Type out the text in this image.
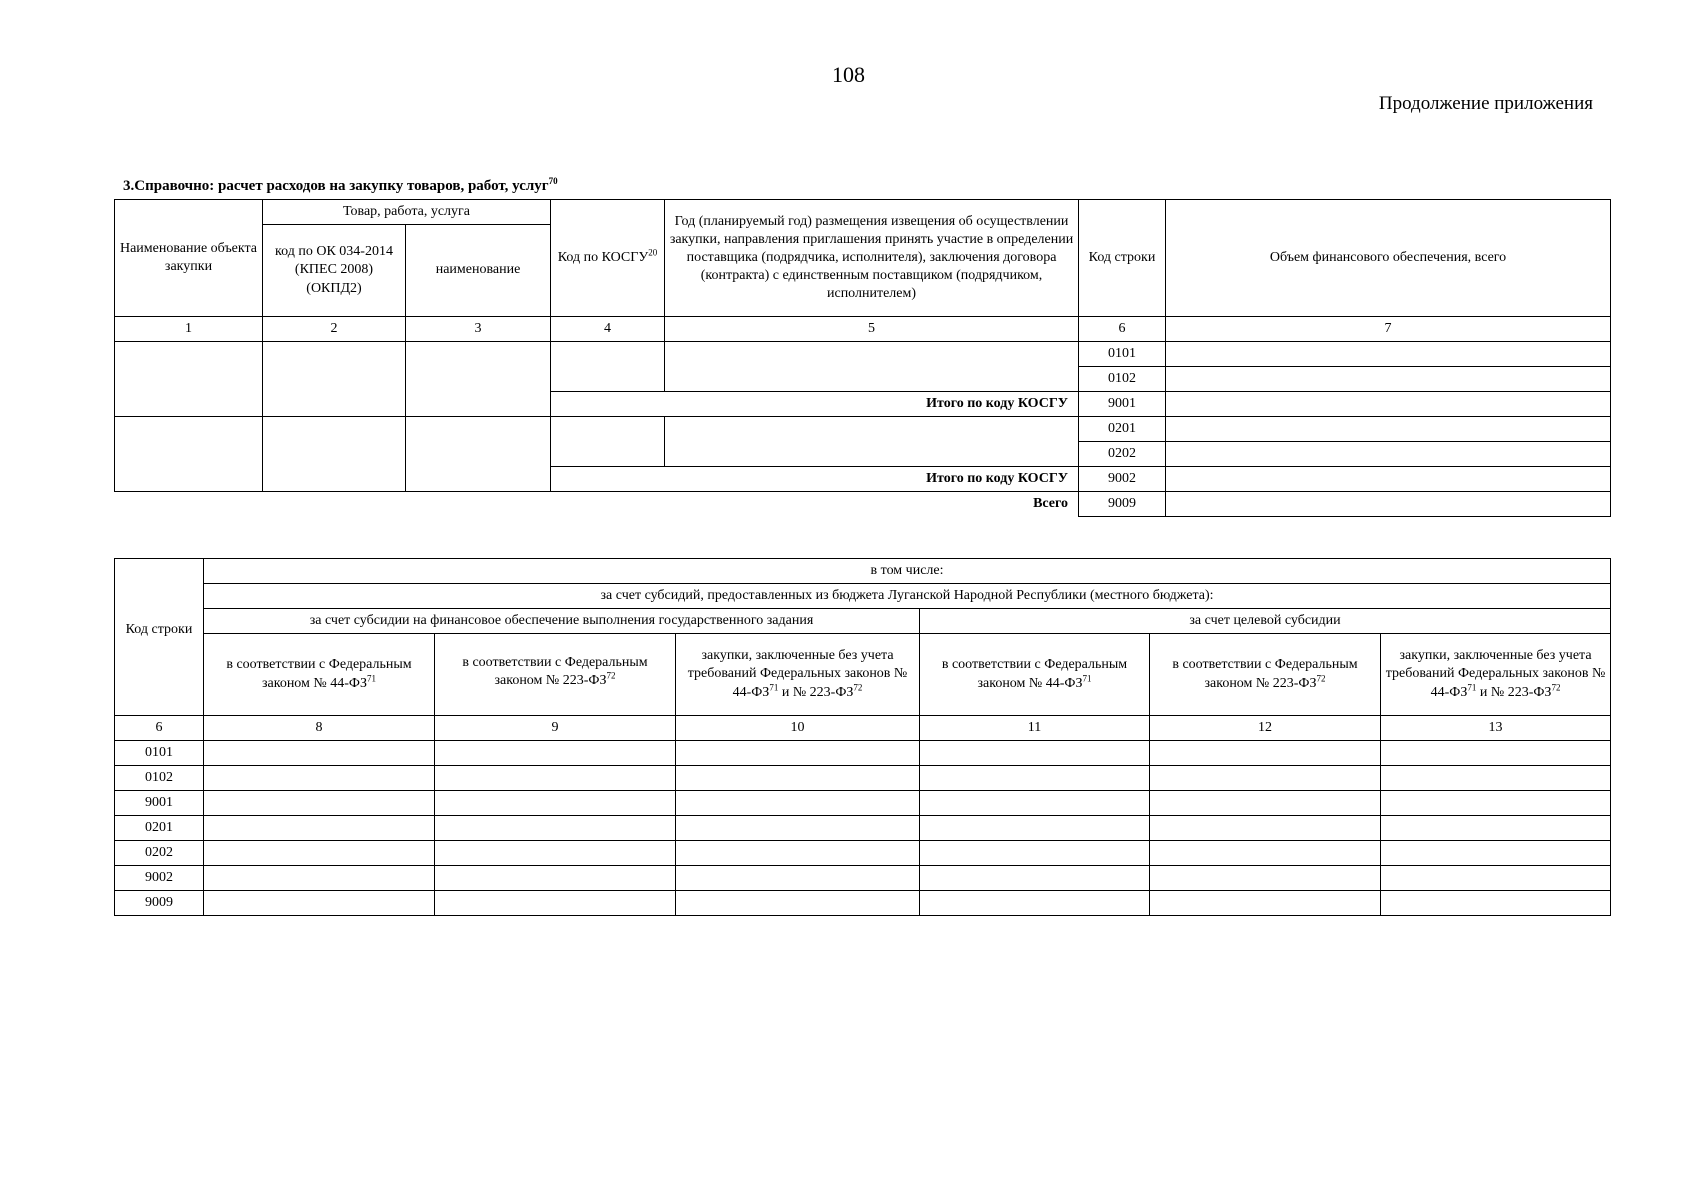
108
Продолжение приложения
3.Справочно: расчет расходов на закупку товаров, работ, услуг$^{70}$
Наименование объекта закупки	Товар, работа, услуга		Код по КОСГУ$^{20}$	Год (планируемый год) размещения извещения об осуществлении закупки, направления приглашения принять участие в определении поставщика (подрядчика, исполнителя), заключения договора (контракта) с единственным поставщиком (подрядчиком, исполнителем)	Код строки	Объем финансового обеспечения, всего
	код по ОК 034-2014 (КПЕС 2008) (ОКПД2)	наименование				
1	2	3	4	5	6	7
					0101	
					0102	
			Итого по коду КОСГУ		9001	
					0201	
					0202	
			Итого по коду КОСГУ		9002	
Всего					9009	
Код строки	в том числе:					
	за счет субсидий, предоставленных из бюджета Луганской Народной Республики (местного бюджета):					
	за счет субсидии на финансовое обеспечение выполнения государственного задания			за счет целевой субсидии		
	в соответствии с Федеральным законом № 44-ФЗ$^{71}$	в соответствии с Федеральным законом № 223-ФЗ$^{72}$	закупки, заключенные без учета требований Федеральных законов № 44-ФЗ$^{71}$ и № 223-ФЗ$^{72}$	в соответствии с Федеральным законом № 44-ФЗ$^{71}$	в соответствии с Федеральным законом № 223-ФЗ$^{72}$	закупки, заключенные без учета требований Федеральных законов № 44-ФЗ$^{71}$ и № 223-ФЗ$^{72}$
6	8	9	10	11	12	13
0101						
0102						
9001						
0201						
0202						
9002						
9009						
